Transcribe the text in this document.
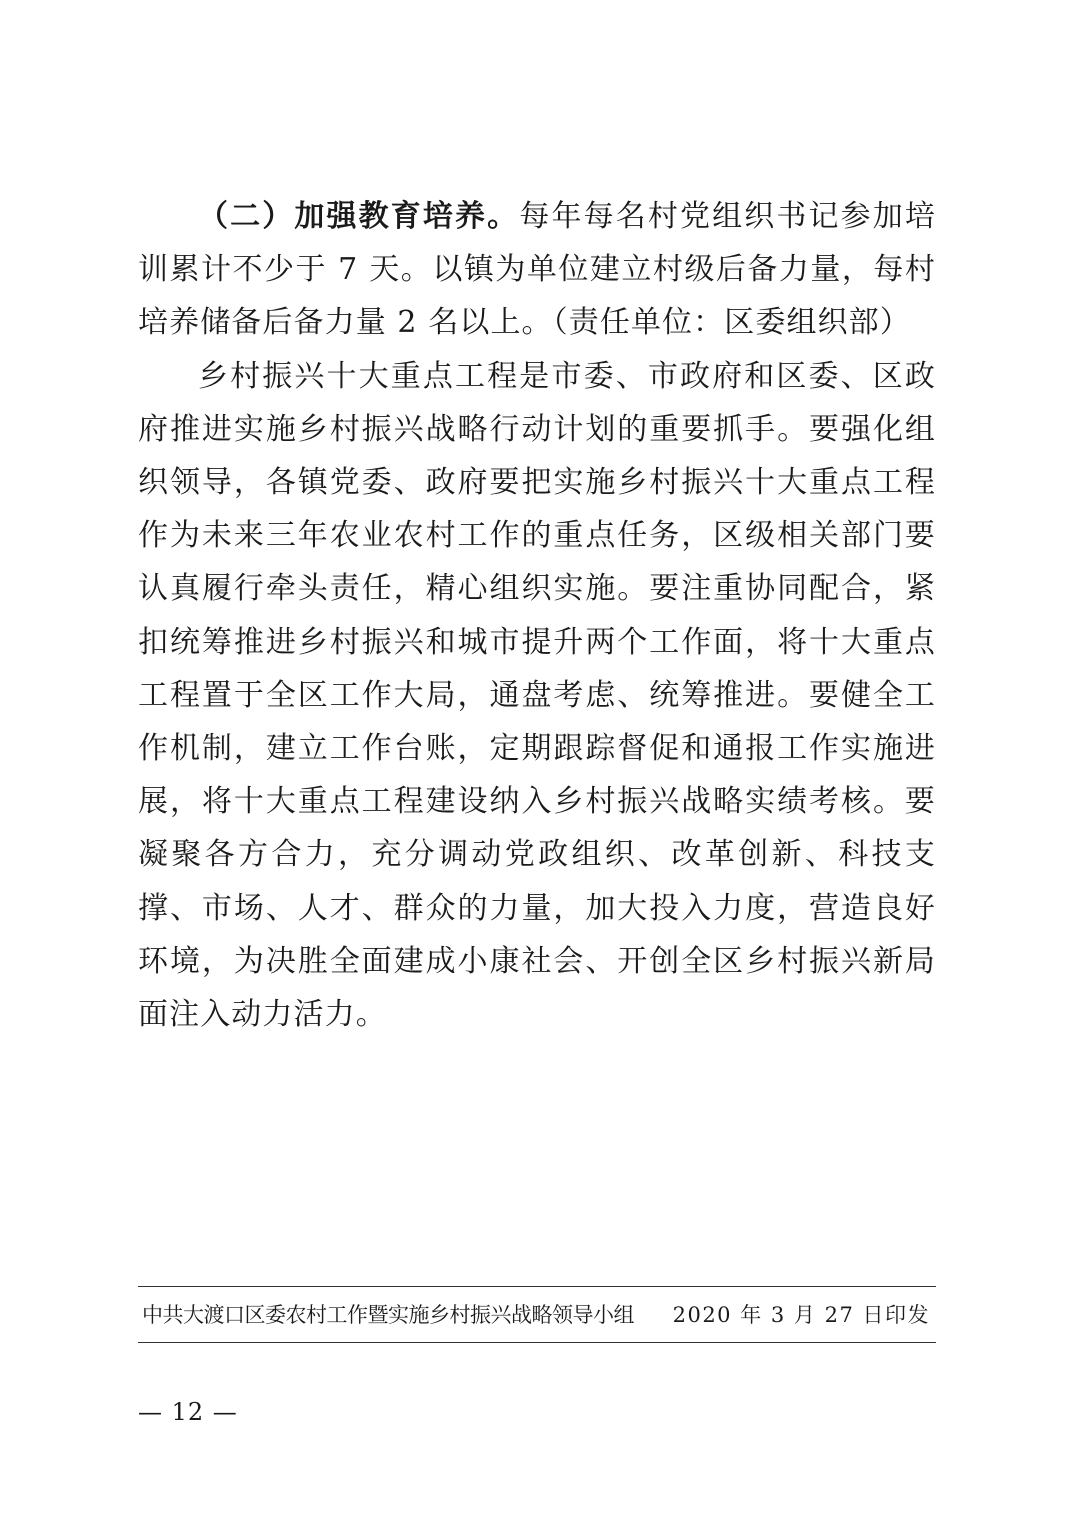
（二）加强教育培养。每年每名村党组织书记参加培训累计不少于 7 天。以镇为单位建立村级后备力量，每村培养储备后备力量 2 名以上。（责任单位：区委组织部）

乡村振兴十大重点工程是市委、市政府和区委、区政府推进实施乡村振兴战略行动计划的重要抓手。要强化组织领导，各镇党委、政府要把实施乡村振兴十大重点工程作为未来三年农业农村工作的重点任务，区级相关部门要认真履行牵头责任，精心组织实施。要注重协同配合，紧扣统筹推进乡村振兴和城市提升两个工作面，将十大重点工程置于全区工作大局，通盘考虑、统筹推进。要健全工作机制，建立工作台账，定期跟踪督促和通报工作实施进展，将十大重点工程建设纳入乡村振兴战略实绩考核。要凝聚各方合力，充分调动党政组织、改革创新、科技支撑、市场、人才、群众的力量，加大投入力度，营造良好环境，为决胜全面建成小康社会、开创全区乡村振兴新局面注入动力活力。

中共大渡口区委农村工作暨实施乡村振兴战略领导小组 2020 年 3 月 27 日印发
— 12 —
